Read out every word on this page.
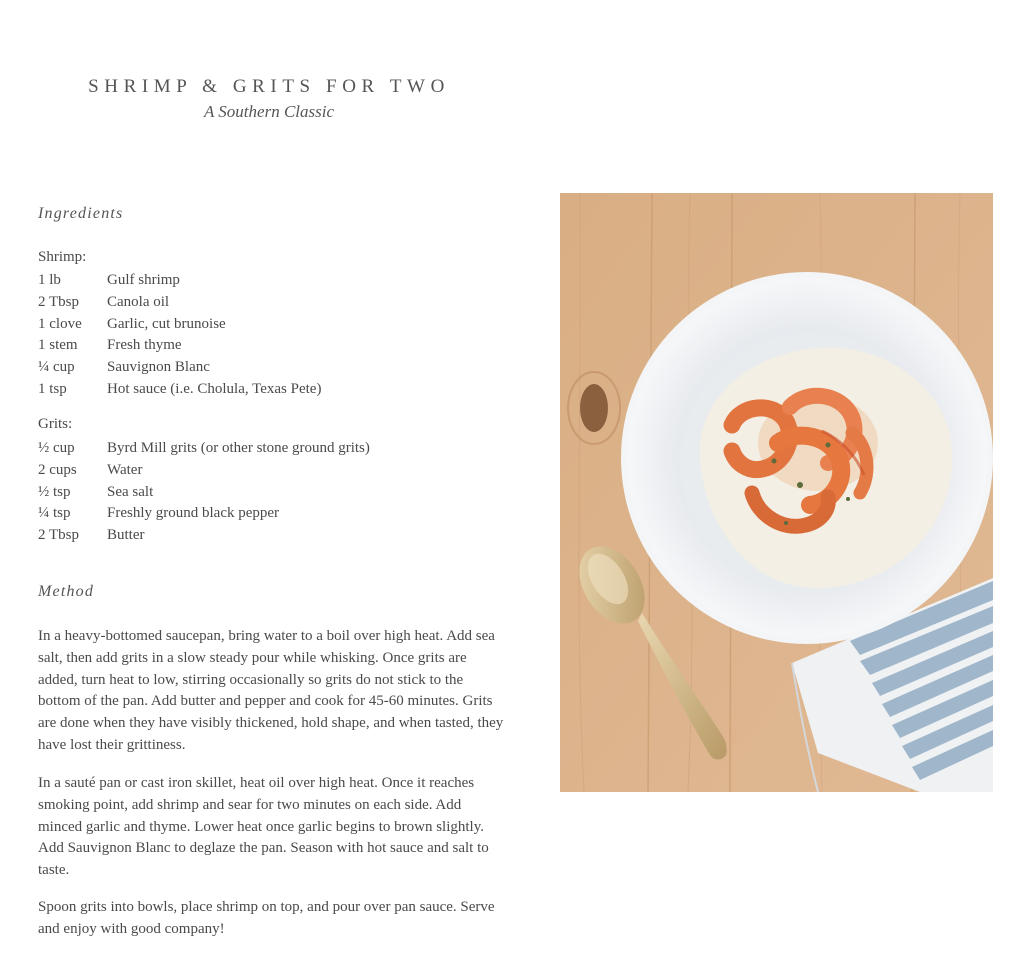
SHRIMP & GRITS FOR TWO
A Southern Classic
Ingredients
Shrimp:
1 lb	Gulf shrimp
2 Tbsp	Canola oil
1 clove	Garlic, cut brunoise
1 stem	Fresh thyme
¼ cup	Sauvignon Blanc
1 tsp	Hot sauce (i.e. Cholula, Texas Pete)
Grits:
½ cup	Byrd Mill grits (or other stone ground grits)
2 cups	Water
½ tsp	Sea salt
¼ tsp	Freshly ground black pepper
2 Tbsp	Butter
Method

In a heavy-bottomed saucepan, bring water to a boil over high heat. Add sea salt, then add grits in a slow steady pour while whisking. Once grits are added, turn heat to low, stirring occasionally so grits do not stick to the bottom of the pan. Add butter and pepper and cook for 45-60 minutes. Grits are done when they have visibly thickened, hold shape, and when tasted, they have lost their grittiness.

In a sauté pan or cast iron skillet, heat oil over high heat. Once it reaches smoking point, add shrimp and sear for two minutes on each side. Add minced garlic and thyme. Lower heat once garlic begins to brown slightly. Add Sauvignon Blanc to deglaze the pan. Season with hot sauce and salt to taste.

Spoon grits into bowls, place shrimp on top, and pour over pan sauce. Serve and enjoy with good company!
